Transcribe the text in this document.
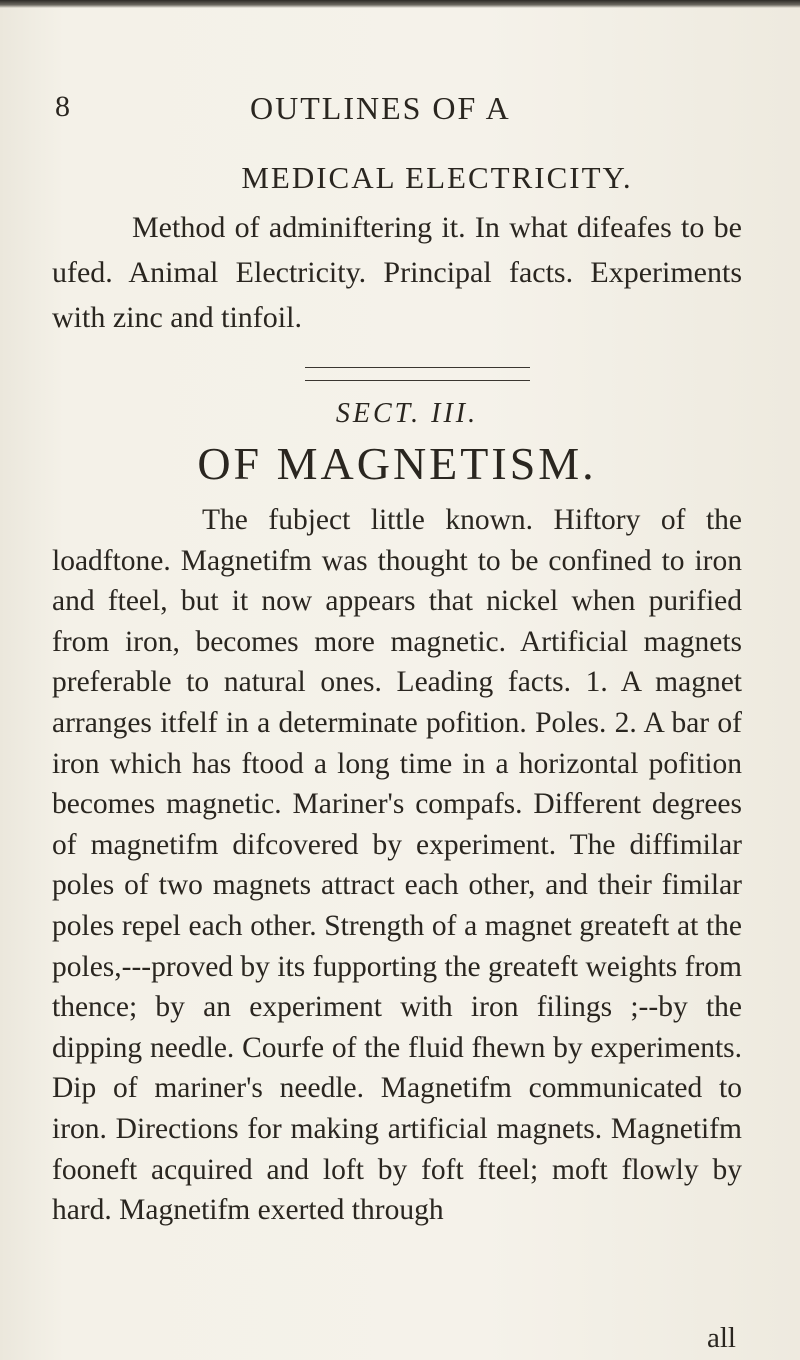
8	OUTLINES OF A
MEDICAL ELECTRICITY.

Method of adminiftering it. In what difeafes to be ufed. Animal Electricity. Principal facts. Experiments with zinc and tinfoil.

SECT. III.
OF MAGNETISM.

The fubject little known. Hiftory of the loadftone. Magnetifm was thought to be confined to iron and fteel, but it now appears that nickel when purified from iron, becomes more magnetic. Artificial magnets preferable to natural ones. Leading facts. 1. A magnet arranges itfelf in a determinate pofition. Poles. 2. A bar of iron which has ftood a long time in a horizontal pofition becomes magnetic. Mariner's compafs. Different degrees of magnetifm difcovered by experiment. The diffimilar poles of two magnets attract each other, and their fimilar poles repel each other. Strength of a magnet greateft at the poles,---proved by its fupporting the greateft weights from thence; by an experiment with iron filings ;--by the dipping needle. Courfe of the fluid fhewn by experiments. Dip of mariner's needle. Magnetifm communicated to iron. Directions for making artificial magnets. Magnetifm fooneft acquired and loft by foft fteel; moft flowly by hard. Magnetifm exerted through

all
